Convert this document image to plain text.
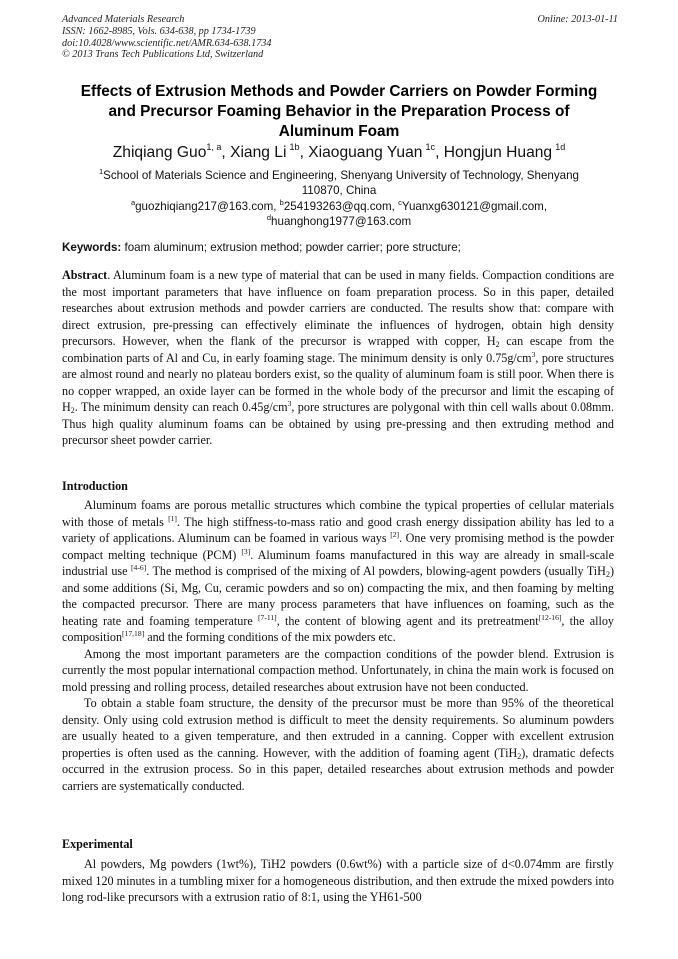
Advanced Materials Research
ISSN: 1662-8985, Vols. 634-638, pp 1734-1739
doi:10.4028/www.scientific.net/AMR.634-638.1734
© 2013 Trans Tech Publications Ltd, Switzerland
Online: 2013-01-11
Effects of Extrusion Methods and Powder Carriers on Powder Forming
and Precursor Foaming Behavior in the Preparation Process of
Aluminum Foam
Zhiqiang Guo$^{1, a}$, Xiang Li  $^{1b}$, Xiaoguang Yuan  $^{1c}$, Hongjun Huang  $^{1d}$
$^1$School of Materials Science and Engineering, Shenyang University of Technology, Shenyang
110870, China
$^a$guozhiqiang217@163.com, $^b$254193263@qq.com, $^c$Yuanxg630121@gmail.com,
$^d$huanghong1977@163.com
Keywords: foam aluminum; extrusion method; powder carrier; pore structure;

Abstract. Aluminum foam is a new type of material that can be used in many fields. Compaction conditions are the most important parameters that have influence on foam preparation process. So in this paper, detailed researches about extrusion methods and powder carriers are conducted. The results show that: compare with direct extrusion, pre-pressing can effectively eliminate the influences of hydrogen, obtain high density precursors. However, when the flank of the precursor is wrapped with copper, $H_2$ can escape from the combination parts of Al and Cu, in early foaming stage. The minimum density is only $0.75g/cm^3$, pore structures are almost round and nearly no plateau borders exist, so the quality of aluminum foam is still poor. When there is no copper wrapped, an oxide layer can be formed in the whole body of the precursor and limit the escaping of $H_2$. The minimum density can reach $0.45g/cm^3$, pore structures are polygonal with thin cell walls about 0.08mm. Thus high quality aluminum foams can be obtained by using pre-pressing and then extruding method and precursor sheet powder carrier.

Introduction

Aluminum foams are porous metallic structures which combine the typical properties of cellular materials with those of metals [1]. The high stiffness-to-mass ratio and good crash energy dissipation ability has led to a variety of applications. Aluminum can be foamed in various ways [2]. One very promising method is the powder compact melting technique (PCM) [3]. Aluminum foams manufactured in this way are already in small-scale industrial use [4-6]. The method is comprised of the mixing of Al powders, blowing-agent powders (usually TiH$_2$) and some additions (Si, Mg, Cu, ceramic powders and so on) compacting the mix, and then foaming by melting the compacted precursor. There are many process parameters that have influences on foaming, such as the heating rate and foaming temperature [7-11], the content of blowing agent and its pretreatment[12-16], the alloy composition[17,18] and the forming conditions of the mix powders etc.

Among the most important parameters are the compaction conditions of the powder blend. Extrusion is currently the most popular international compaction method. Unfortunately, in china the main work is focused on mold pressing and rolling process, detailed researches about extrusion have not been conducted.

To obtain a stable foam structure, the density of the precursor must be more than 95% of the theoretical density. Only using cold extrusion method is difficult to meet the density requirements. So aluminum powders are usually heated to a given temperature, and then extruded in a canning. Copper with excellent extrusion properties is often used as the canning. However, with the addition of foaming agent (TiH$_2$), dramatic defects occurred in the extrusion process. So in this paper, detailed researches about extrusion methods and powder carriers are systematically conducted.

Experimental

Al powders, Mg powders (1wt%), TiH2 powders (0.6wt%) with a particle size of d<0.074mm are firstly mixed 120 minutes in a tumbling mixer for a homogeneous distribution, and then extrude the mixed powders into long rod-like precursors with a extrusion ratio of 8:1, using the YH61-500
